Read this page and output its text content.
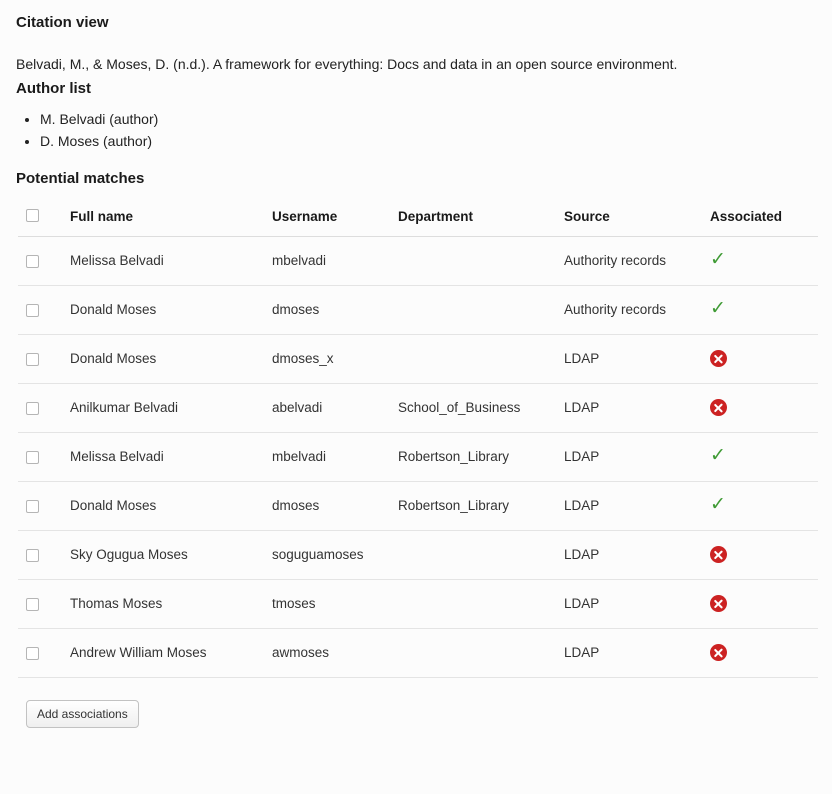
Citation view

Belvadi, M., & Moses, D. (n.d.). A framework for everything: Docs and data in an open source environment.

Author list
• M. Belvadi (author)
• D. Moses (author)
Potential matches
	Full name	Username	Department	Source	Associated
	Melissa Belvadi	mbelvadi		Authority records	✓
	Donald Moses	dmoses		Authority records	✓
	Donald Moses	dmoses_x		LDAP	
	Anilkumar Belvadi	abelvadi	School_of_Business	LDAP	
	Melissa Belvadi	mbelvadi	Robertson_Library	LDAP	✓
	Donald Moses	dmoses	Robertson_Library	LDAP	✓
	Sky Ogugua Moses	soguguamoses		LDAP	
	Thomas Moses	tmoses		LDAP	
	Andrew William Moses	awmoses		LDAP	
Add associations
